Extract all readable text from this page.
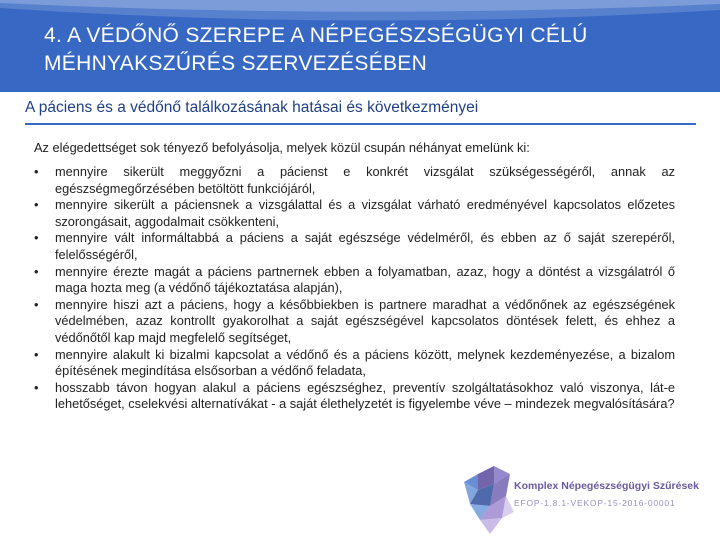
4. A VÉDŐNŐ SZEREPE A NÉPEGÉSZSÉGÜGYI CÉLÚ
MÉHNYAKSZŰRÉS SZERVEZÉSÉBEN
A páciens és a védőnő találkozásának hatásai és következményei

Az elégedettséget sok tényező befolyásolja, melyek közül csupán néhányat emelünk ki:

• mennyire sikerült meggyőzni a pácienst e konkrét vizsgálat szükségességéről, annak az egészségmegőrzésében betöltött funkciójáról,
• mennyire sikerült a páciensnek a vizsgálattal és a vizsgálat várható eredményével kapcsolatos előzetes szorongásait, aggodalmait csökkenteni,
• mennyire vált informáltabbá a páciens a saját egészsége védelméről, és ebben az ő saját szerepéről, felelősségéről,
• mennyire érezte magát a páciens partnernek ebben a folyamatban, azaz, hogy a döntést a vizsgálatról ő maga hozta meg (a védőnő tájékoztatása alapján),
• mennyire hiszi azt a páciens, hogy a későbbiekben is partnere maradhat a védőnőnek az egészségének védelmében, azaz kontrollt gyakorolhat a saját egészségével kapcsolatos döntések felett, és ehhez a védőnőtől kap majd megfelelő segítséget,
• mennyire alakult ki bizalmi kapcsolat a védőnő és a páciens között, melynek kezdeményezése, a bizalom építésének megindítása elsősorban a védőnő feladata,
• hosszabb távon hogyan alakul a páciens egészséghez, preventív szolgáltatásokhoz való viszonya, lát-e lehetőséget, cselekvési alternatívákat - a saját élethelyzetét is figyelembe véve – mindezek megvalósítására?
Komplex Népegészségügyi Szűrések
EFOP-1.8.1-VEKOP-15-2016-00001
